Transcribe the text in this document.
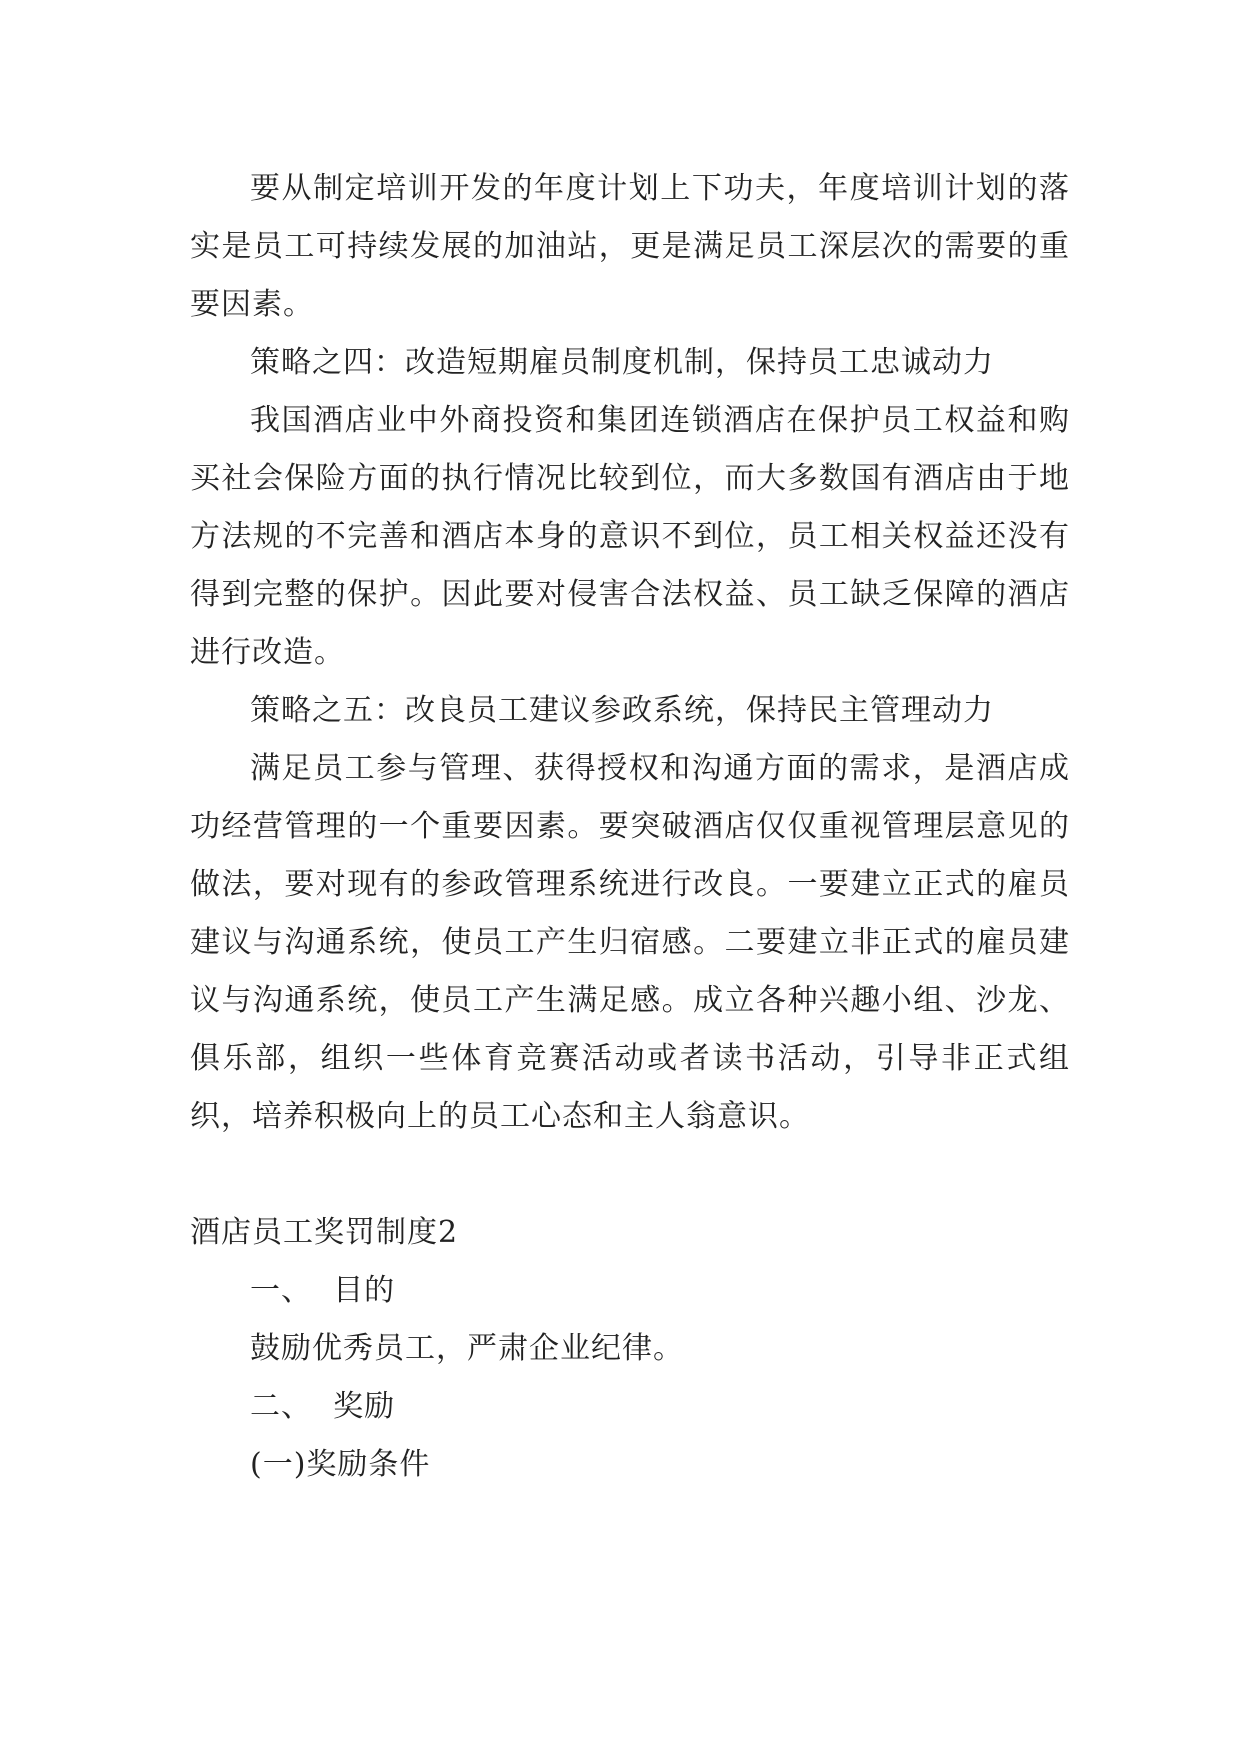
要从制定培训开发的年度计划上下功夫，年度培训计划的落实是员工可持续发展的加油站，更是满足员工深层次的需要的重要因素。

策略之四：改造短期雇员制度机制，保持员工忠诚动力

我国酒店业中外商投资和集团连锁酒店在保护员工权益和购买社会保险方面的执行情况比较到位，而大多数国有酒店由于地方法规的不完善和酒店本身的意识不到位，员工相关权益还没有得到完整的保护。因此要对侵害合法权益、员工缺乏保障的酒店进行改造。

策略之五：改良员工建议参政系统，保持民主管理动力

满足员工参与管理、获得授权和沟通方面的需求，是酒店成功经营管理的一个重要因素。要突破酒店仅仅重视管理层意见的做法，要对现有的参政管理系统进行改良。一要建立正式的雇员建议与沟通系统，使员工产生归宿感。二要建立非正式的雇员建议与沟通系统，使员工产生满足感。成立各种兴趣小组、沙龙、俱乐部，组织一些体育竞赛活动或者读书活动，引导非正式组织，培养积极向上的员工心态和主人翁意识。

酒店员工奖罚制度2

一、  目的

鼓励优秀员工，严肃企业纪律。

二、  奖励

(一)奖励条件
